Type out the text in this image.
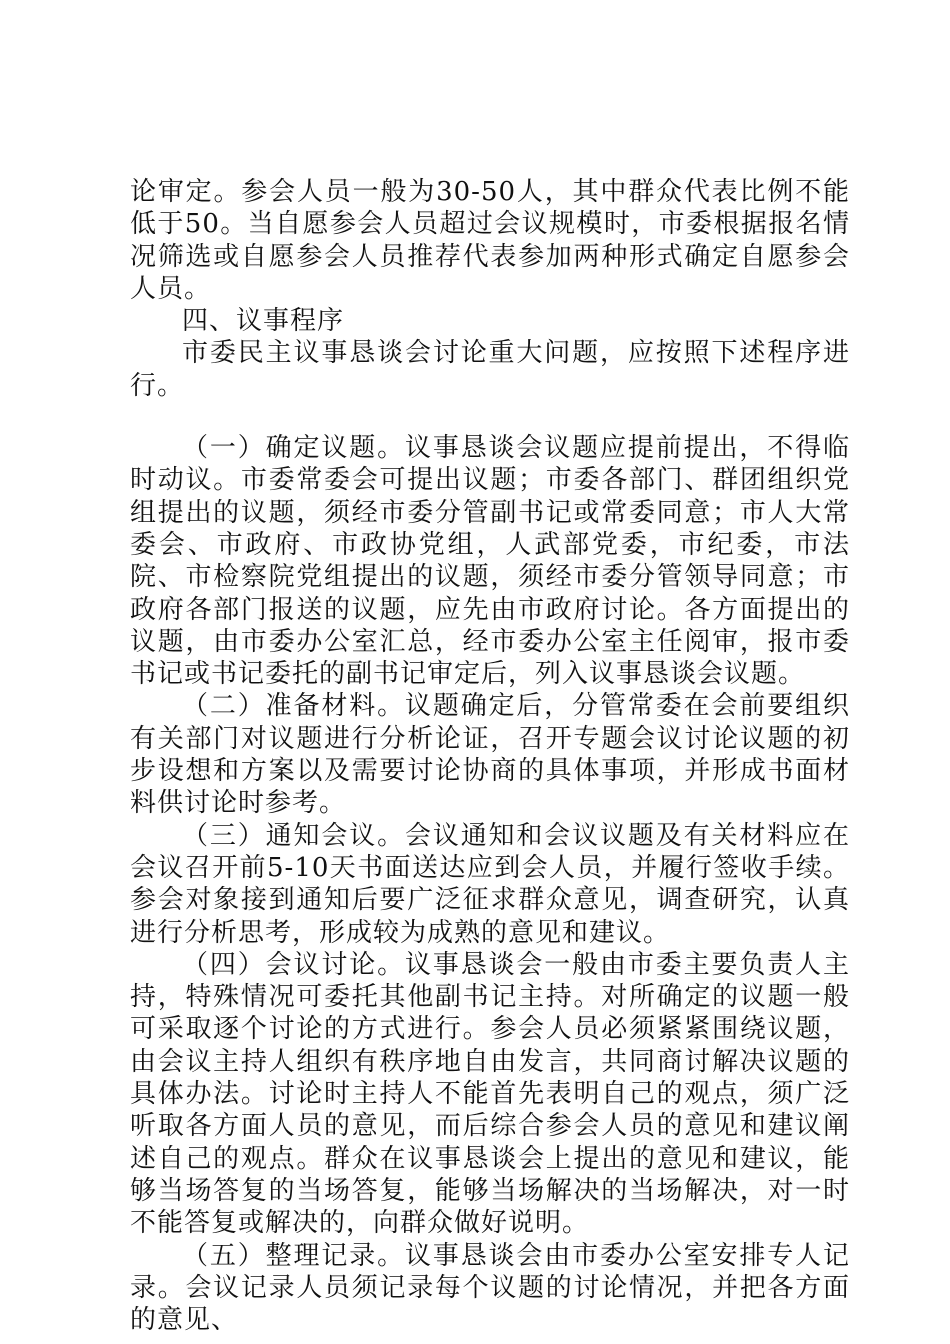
论审定。参会人员一般为30-50人，其中群众代表比例不能低于50。当自愿参会人员超过会议规模时，市委根据报名情况筛选或自愿参会人员推荐代表参加两种形式确定自愿参会人员。

四、议事程序

市委民主议事恳谈会讨论重大问题，应按照下述程序进行。

（一）确定议题。议事恳谈会议题应提前提出，不得临时动议。市委常委会可提出议题；市委各部门、群团组织党组提出的议题，须经市委分管副书记或常委同意；市人大常委会、市政府、市政协党组，人武部党委，市纪委，市法院、市检察院党组提出的议题，须经市委分管领导同意；市政府各部门报送的议题，应先由市政府讨论。各方面提出的议题，由市委办公室汇总，经市委办公室主任阅审，报市委书记或书记委托的副书记审定后，列入议事恳谈会议题。

（二）准备材料。议题确定后，分管常委在会前要组织有关部门对议题进行分析论证，召开专题会议讨论议题的初步设想和方案以及需要讨论协商的具体事项，并形成书面材料供讨论时参考。

（三）通知会议。会议通知和会议议题及有关材料应在会议召开前5-10天书面送达应到会人员，并履行签收手续。参会对象接到通知后要广泛征求群众意见，调查研究，认真进行分析思考，形成较为成熟的意见和建议。

（四）会议讨论。议事恳谈会一般由市委主要负责人主持，特殊情况可委托其他副书记主持。对所确定的议题一般可采取逐个讨论的方式进行。参会人员必须紧紧围绕议题，由会议主持人组织有秩序地自由发言，共同商讨解决议题的具体办法。讨论时主持人不能首先表明自己的观点，须广泛听取各方面人员的意见，而后综合参会人员的意见和建议阐述自己的观点。群众在议事恳谈会上提出的意见和建议，能够当场答复的当场答复，能够当场解决的当场解决，对一时不能答复或解决的，向群众做好说明。

（五）整理记录。议事恳谈会由市委办公室安排专人记录。会议记录人员须记录每个议题的讨论情况，并把各方面的意见、
